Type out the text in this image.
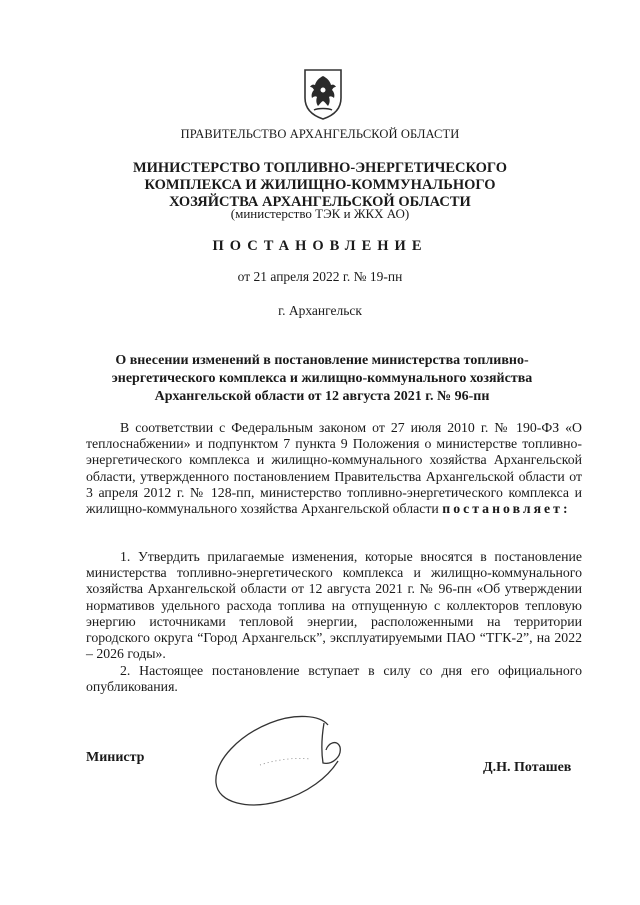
ПРАВИТЕЛЬСТВО АРХАНГЕЛЬСКОЙ ОБЛАСТИ
МИНИСТЕРСТВО ТОПЛИВНО-ЭНЕРГЕТИЧЕСКОГО
КОМПЛЕКСА И ЖИЛИЩНО-КОММУНАЛЬНОГО
ХОЗЯЙСТВА АРХАНГЕЛЬСКОЙ ОБЛАСТИ
(министерство ТЭК и ЖКХ АО)
ПОСТАНОВЛЕНИЕ
от 21 апреля 2022 г. № 19-пн
г. Архангельск
О внесении изменений в постановление министерства топливно-энергетического комплекса и жилищно-коммунального хозяйства Архангельской области от 12 августа 2021 г. № 96-пн
В соответствии с Федеральным законом от 27 июля 2010 г. № 190-ФЗ «О теплоснабжении» и подпунктом 7 пункта 9 Положения о министерстве топливно-энергетического комплекса и жилищно-коммунального хозяйства Архангельской области, утвержденного постановлением Правительства Архангельской области от 3 апреля 2012 г. № 128-пп, министерство топливно-энергетического комплекса и жилищно-коммунального хозяйства Архангельской области постановляет:
1. Утвердить прилагаемые изменения, которые вносятся в постановление министерства топливно-энергетического комплекса и жилищно-коммунального хозяйства Архангельской области от 12 августа 2021 г. № 96-пн «Об утверждении нормативов удельного расхода топлива на отпущенную с коллекторов тепловую энергию источниками тепловой энергии, расположенными на территории городского округа “Город Архангельск”, эксплуатируемыми ПАО “ТГК-2”, на 2022 – 2026 годы».
2. Настоящее постановление вступает в силу со дня его официального опубликования.
Министр
Д.Н. Поташев
